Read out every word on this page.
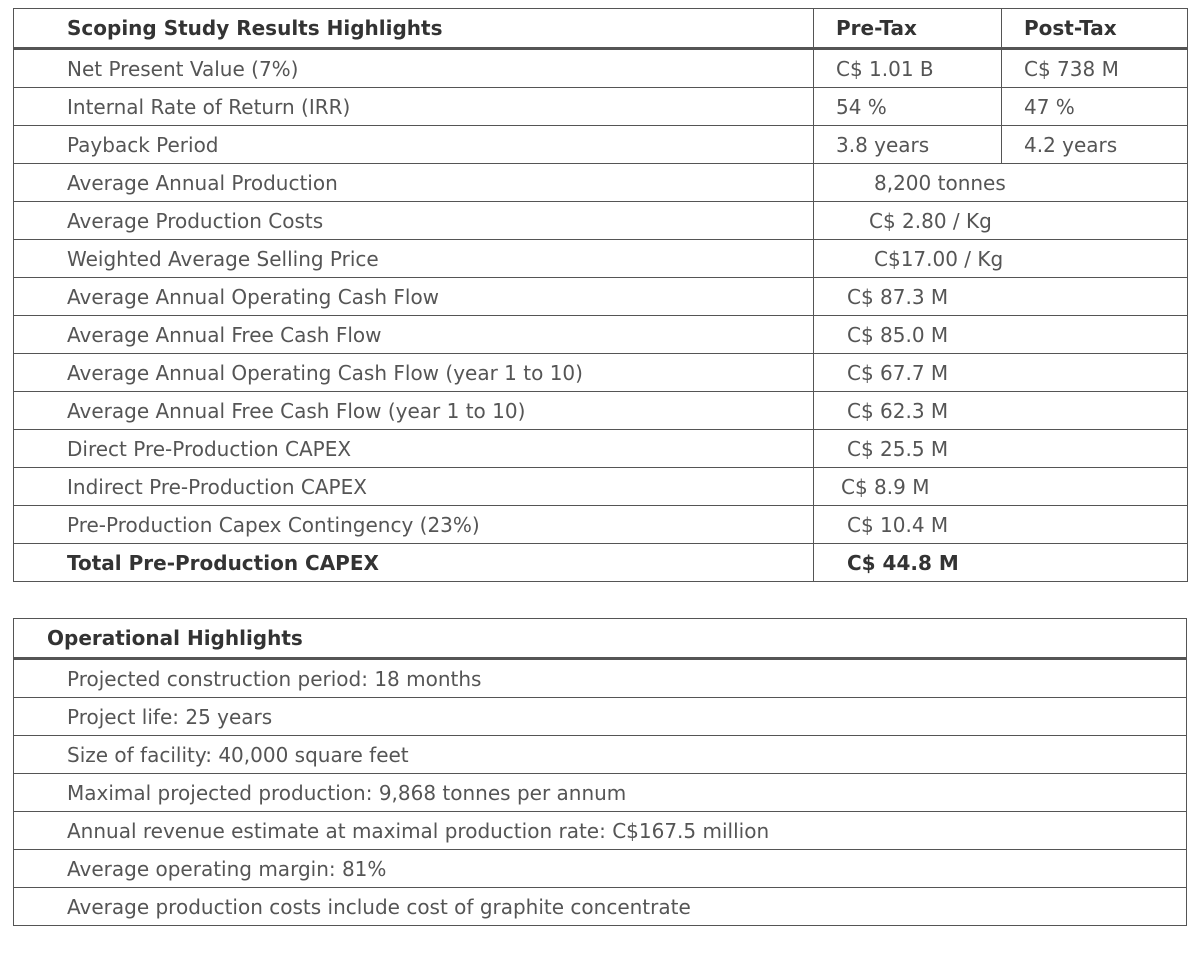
Scoping Study Results Highlights	Pre-Tax	Post-Tax
Net Present Value (7%)	C$ 1.01 B	C$ 738 M
Internal Rate of Return (IRR)	54 %	47 %
Payback Period	3.8 years	4.2 years
Average Annual Production	8,200 tonnes	
Average Production Costs	C$ 2.80 / Kg	
Weighted Average Selling Price	C$17.00 / Kg	
Average Annual Operating Cash Flow	C$ 87.3 M	
Average Annual Free Cash Flow	C$ 85.0 M	
Average Annual Operating Cash Flow (year 1 to 10)	C$ 67.7 M	
Average Annual Free Cash Flow (year 1 to 10)	C$ 62.3 M	
Direct Pre-Production CAPEX	C$ 25.5 M	
Indirect Pre-Production CAPEX	C$ 8.9 M	
Pre-Production Capex Contingency (23%)	C$ 10.4 M	
Total Pre-Production CAPEX	C$ 44.8 M	
Operational Highlights
Projected construction period: 18 months
Project life: 25 years
Size of facility: 40,000 square feet
Maximal projected production: 9,868 tonnes per annum
Annual revenue estimate at maximal production rate: C$167.5 million
Average operating margin: 81%
Average production costs include cost of graphite concentrate
